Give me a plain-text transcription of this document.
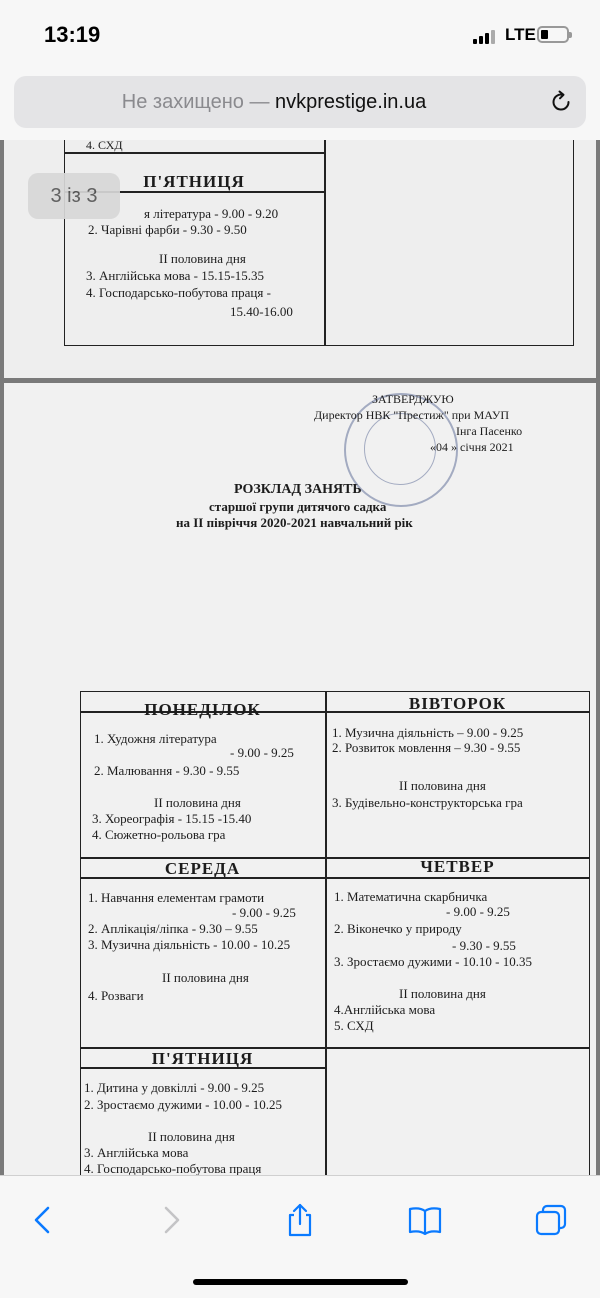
13:19	LTE
Не захищено — nvkprestige.in.ua
4. СХД
П'ЯТНИЦЯ
я література - 9.00 - 9.20
2. Чарівні фарби - 9.30 - 9.50
ІІ половина дня
3. Англійська мова - 15.15-15.35
4. Господарсько-побутова праця -
15.40-16.00
ЗАТВЕРДЖУЮ
Директор НВК "Престиж" при МАУП
Інга Пасенко
«04 » січня 2021
РОЗКЛАД ЗАНЯТЬ
старшої групи дитячого садка
на ІІ півріччя 2020-2021 навчальний рік
ПОНЕДІЛОК
1. Художня література
- 9.00 - 9.25
2. Малювання - 9.30 - 9.55
ІІ половина дня
3. Хореографія - 15.15 -15.40
4. Сюжетно-рольова гра
ВІВТОРОК
1. Музична діяльність – 9.00 - 9.25
2. Розвиток мовлення – 9.30 - 9.55
ІІ половина дня
3. Будівельно-конструкторська гра
СЕРЕДА
1. Навчання елементам грамоти
- 9.00 - 9.25
2. Аплікація/ліпка - 9.30 – 9.55
3. Музична діяльність - 10.00 - 10.25
ІІ половина дня
4. Розваги
ЧЕТВЕР
1. Математична скарбничка
- 9.00 - 9.25
2. Віконечко у природу
- 9.30 - 9.55
3. Зростаємо дужими - 10.10 - 10.35
ІІ половина дня
4.Англійська мова
5. СХД
П'ЯТНИЦЯ
1. Дитина у довкіллі - 9.00 - 9.25
2. Зростаємо дужими - 10.00 - 10.25
ІІ половина дня
3. Англійська мова
4. Господарсько-побутова праця
3 із 3
